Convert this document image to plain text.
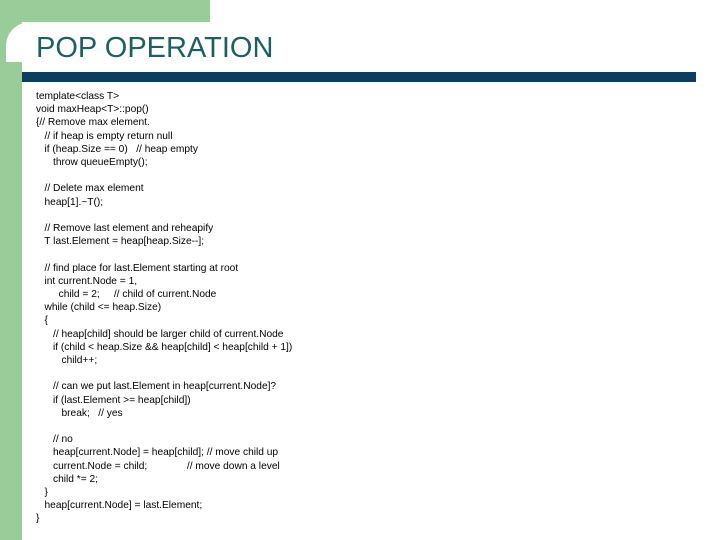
POP OPERATION
template<class T>
void maxHeap<T>::pop()
{// Remove max element.
// if heap is empty return null
if (heap.Size == 0)   // heap empty
throw queueEmpty();
// Delete max element
heap[1].~T();
// Remove last element and reheapify
T last.Element = heap[heap.Size--];
// find place for last.Element starting at root
int current.Node = 1,
child = 2;     // child of current.Node
while (child <= heap.Size)
{
// heap[child] should be larger child of current.Node
if (child < heap.Size && heap[child] < heap[child + 1])
child++;
// can we put last.Element in heap[current.Node]?
if (last.Element >= heap[child])
break;   // yes
// no
heap[current.Node] = heap[child]; // move child up
current.Node = child;              // move down a level
child *= 2;
}
heap[current.Node] = last.Element;
}
